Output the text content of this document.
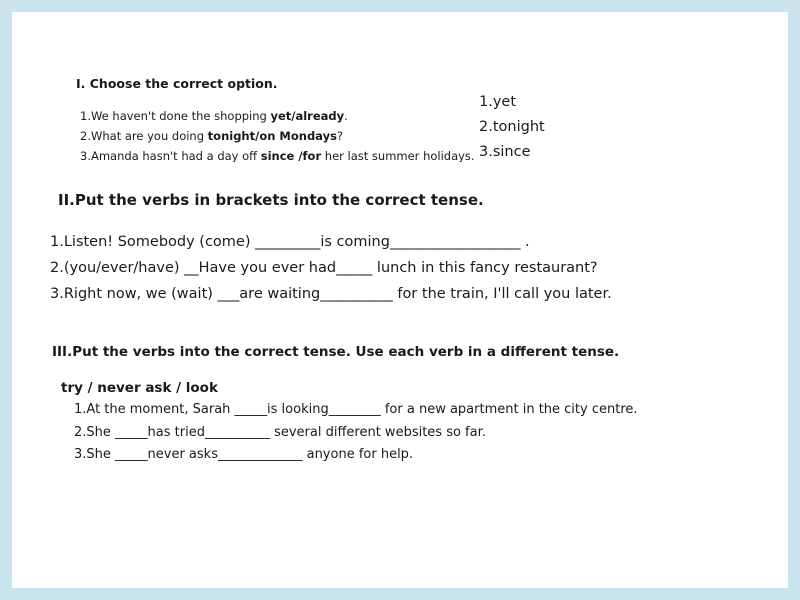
I. Choose the correct option.
1.We haven't done the shopping yet/already.
2.What are you doing tonight/on Mondays?
3.Amanda hasn't had a day off since /for her last summer holidays.
1.yet
2.tonight
3.since
II.Put the verbs in brackets into the correct tense.
1.Listen! Somebody (come) _________is coming__________________ .
2.(you/ever/have) __Have you ever had_____ lunch in this fancy restaurant?
3.Right now, we (wait) ___are waiting__________ for the train, I'll call you later.
III.Put the verbs into the correct tense. Use each verb in a different tense.
try / never ask / look
1.At the moment, Sarah _____is looking________ for a new apartment in the city centre.
2.She _____has tried__________ several different websites so far.
3.She _____never asks_____________ anyone for help.
